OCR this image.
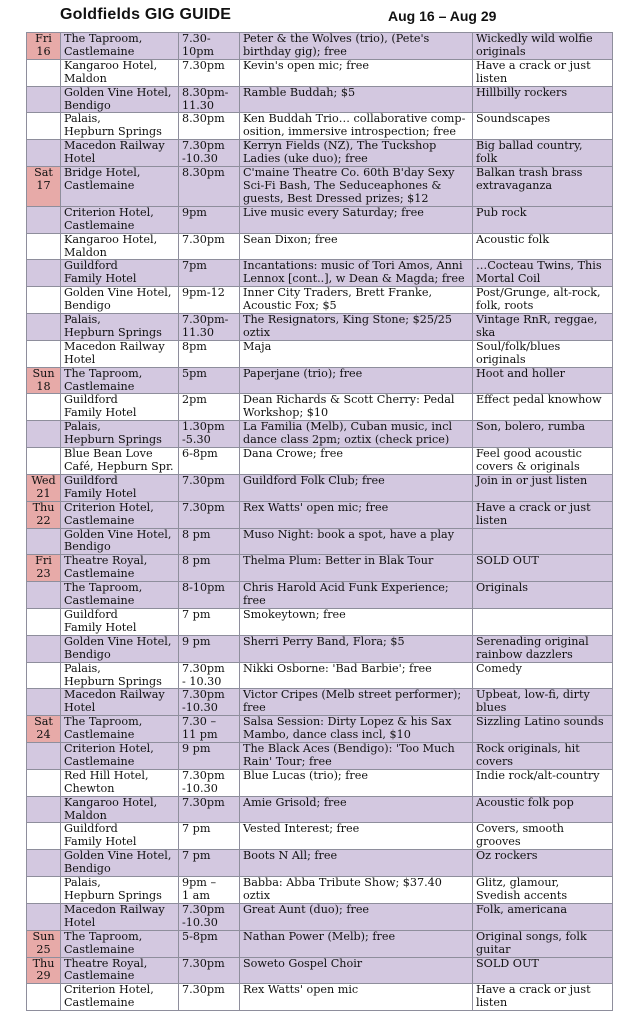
Goldfields GIG GUIDE	Aug 16 – Aug 29
Fri
16	The Taproom,
Castlemaine	7.30-
10pm	Peter & the Wolves (trio), (Pete's
birthday gig); free	Wickedly wild wolfie
originals

	Kangaroo Hotel,
Maldon	7.30pm	Kevin's open mic; free	Have a crack or just
listen

	Golden Vine Hotel,
Bendigo	8.30pm-
11.30	Ramble Buddah; $5	Hillbilly rockers

	Palais,
Hepburn Springs	8.30pm	Ken Buddah Trio… collaborative comp-
osition, immersive introspection; free	Soundscapes

	Macedon Railway
Hotel	7.30pm
-10.30	Kerryn Fields (NZ), The Tuckshop
Ladies (uke duo); free	Big ballad country,
folk
Sat
17	Bridge Hotel,
Castlemaine	8.30pm	C'maine Theatre Co. 60th B'day Sexy
Sci-Fi Bash, The Seduceaphones &
guests, Best Dressed prizes; $12	Balkan trash brass
extravaganza

	Criterion Hotel,
Castlemaine	9pm	Live music every Saturday; free	Pub rock

	Kangaroo Hotel,
Maldon	7.30pm	Sean Dixon; free	Acoustic folk

	Guildford
Family Hotel	7pm	Incantations: music of Tori Amos, Anni
Lennox [cont..], w Dean & Magda; free	…Cocteau Twins, This
Mortal Coil

	Golden Vine Hotel,
Bendigo	9pm-12	Inner City Traders, Brett Franke,
Acoustic Fox; $5	Post/Grunge, alt-rock,
folk, roots

	Palais,
Hepburn Springs	7.30pm-
11.30	The Resignators, King Stone; $25/25
oztix	Vintage RnR, reggae,
ska

	Macedon Railway
Hotel	8pm	Maja	Soul/folk/blues
originals
Sun
18	The Taproom,
Castlemaine	5pm	Paperjane (trio); free	Hoot and holler

	Guildford
Family Hotel	2pm	Dean Richards & Scott Cherry: Pedal
Workshop; $10	Effect pedal knowhow

	Palais,
Hepburn Springs	1.30pm
-5.30	La Familia (Melb), Cuban music, incl
dance class 2pm; oztix (check price)	Son, bolero, rumba

	Blue Bean Love
Café, Hepburn Spr.	6-8pm	Dana Crowe; free	Feel good acoustic
covers & originals
Wed
21	Guildford
Family Hotel	7.30pm	Guildford Folk Club; free	Join in or just listen

Thu
22	Criterion Hotel,
Castlemaine	7.30pm	Rex Watts' open mic; free	Have a crack or just
listen

	Golden Vine Hotel,
Bendigo	8 pm	Muso Night: book a spot, have a play

Fri
23	Theatre Royal,
Castlemaine	8 pm	Thelma Plum: Better in Blak Tour	SOLD OUT

	The Taproom,
Castlemaine	8-10pm	Chris Harold Acid Funk Experience;
free	Originals

	Guildford
Family Hotel	7 pm	Smokeytown; free

	Golden Vine Hotel,
Bendigo	9 pm	Sherri Perry Band, Flora; $5	Serenading original
rainbow dazzlers

	Palais,
Hepburn Springs	7.30pm
- 10.30	Nikki Osborne: 'Bad Barbie'; free	Comedy

	Macedon Railway
Hotel	7.30pm
-10.30	Victor Cripes (Melb street performer);
free	Upbeat, low-fi, dirty
blues
Sat
24	The Taproom,
Castlemaine	7.30 –
11 pm	Salsa Session: Dirty Lopez & his Sax
Mambo, dance class incl, $10	Sizzling Latino sounds

	Criterion Hotel,
Castlemaine	9 pm	The Black Aces (Bendigo): 'Too Much
Rain' Tour; free	Rock originals, hit
covers

	Red Hill Hotel,
Chewton	7.30pm
-10.30	Blue Lucas (trio); free	Indie rock/alt-country

	Kangaroo Hotel,
Maldon	7.30pm	Amie Grisold; free	Acoustic folk pop

	Guildford
Family Hotel	7 pm	Vested Interest; free	Covers, smooth
grooves

	Golden Vine Hotel,
Bendigo	7 pm	Boots N All; free	Oz rockers

	Palais,
Hepburn Springs	9pm –
1 am	Babba: Abba Tribute Show; $37.40
oztix	Glitz, glamour,
Svedish accents

	Macedon Railway
Hotel	7.30pm
-10.30	Great Aunt (duo); free	Folk, americana

Sun
25	The Taproom,
Castlemaine	5-8pm	Nathan Power (Melb); free	Original songs, folk
guitar
Thu
29	Theatre Royal,
Castlemaine	7.30pm	Soweto Gospel Choir	SOLD OUT

	Criterion Hotel,
Castlemaine	7.30pm	Rex Watts' open mic	Have a crack or just
listen
